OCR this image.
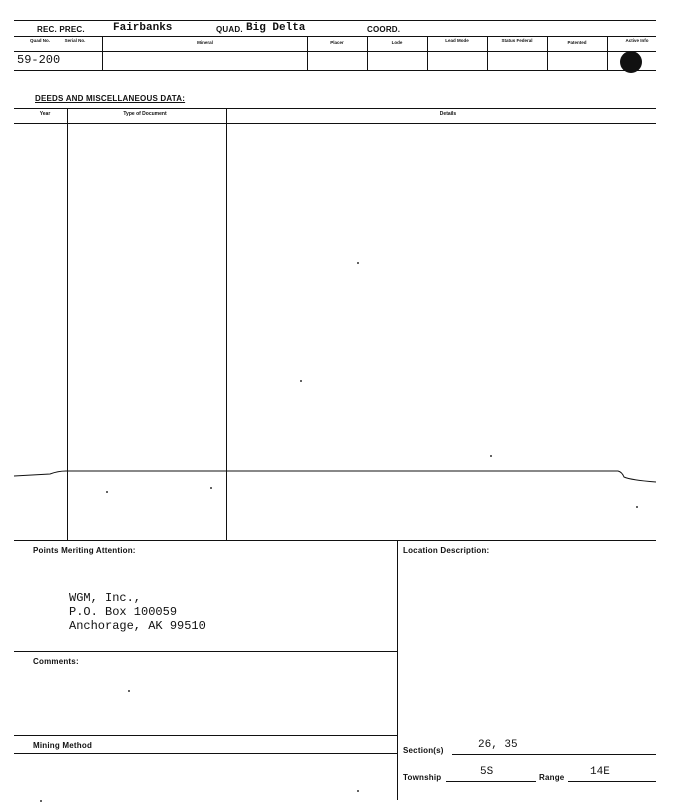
REC. PREC.	Fairbanks	QUAD. Big Delta	COORD.
Quad No.	Serial No.	Mineral	Placer	Lode	Lead Mode	Status Federal	Patented	Active Info
59-200
DEEDS AND MISCELLANEOUS DATA:
Year	Type of Document	Details
Points Meriting Attention:
WGM, Inc.,
P.O. Box 100059
Anchorage, AK 99510
Comments:
Mining Method
Location Description:
Section(s)	26, 35
Township	5S	Range 14E
